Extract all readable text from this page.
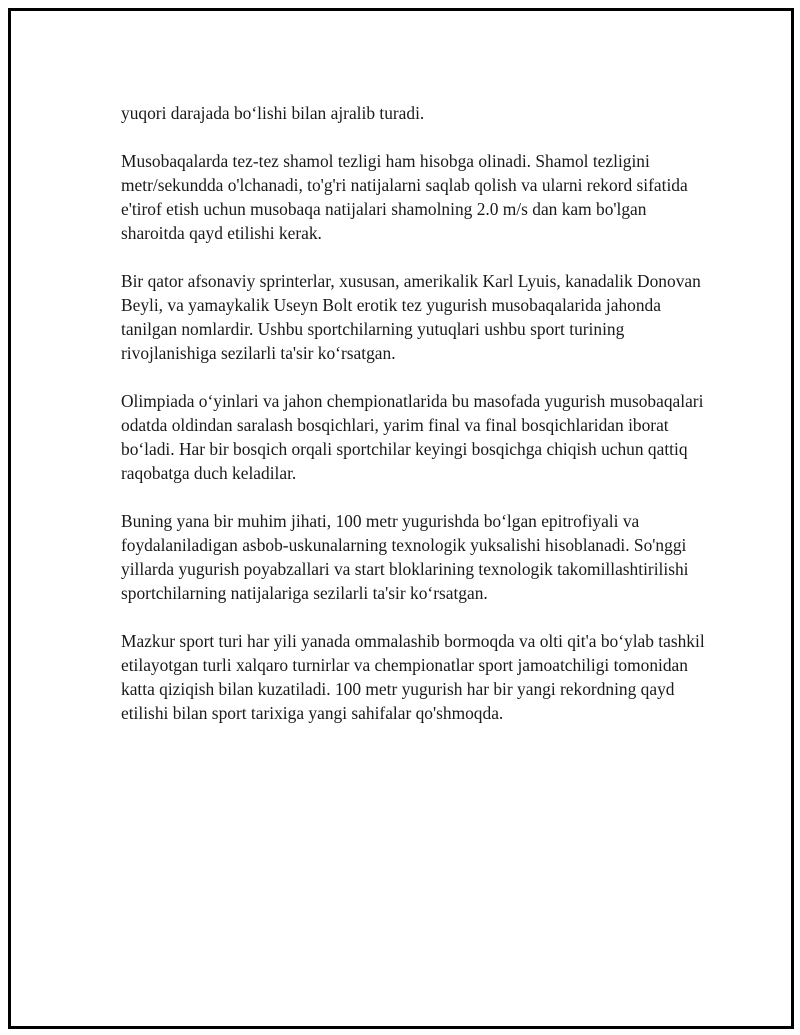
yuqori darajada bo‘lishi bilan ajralib turadi.

Musobaqalarda tez-tez shamol tezligi ham hisobga olinadi. Shamol tezligini metr/sekundda o'lchanadi, to'g'ri natijalarni saqlab qolish va ularni rekord sifatida e'tirof etish uchun musobaqa natijalari shamolning 2.0 m/s dan kam bo'lgan sharoitda qayd etilishi kerak.

Bir qator afsonaviy sprinterlar, xususan, amerikalik Karl Lyuis, kanadalik Donovan Beyli, va yamaykalik Useyn Bolt erotik tez yugurish musobaqalarida jahonda tanilgan nomlardir. Ushbu sportchilarning yutuqlari ushbu sport turining rivojlanishiga sezilarli ta'sir ko‘rsatgan.

Olimpiada o‘yinlari va jahon chempionatlarida bu masofada yugurish musobaqalari odatda oldindan saralash bosqichlari, yarim final va final bosqichlaridan iborat bo‘ladi. Har bir bosqich orqali sportchilar keyingi bosqichga chiqish uchun qattiq raqobatga duch keladilar.

Buning yana bir muhim jihati, 100 metr yugurishda bo‘lgan epitrofiyali va foydalaniladigan asbob-uskunalarning texnologik yuksalishi hisoblanadi. So'nggi yillarda yugurish poyabzallari va start bloklarining texnologik takomillashtirilishi sportchilarning natijalariga sezilarli ta'sir ko‘rsatgan.

Mazkur sport turi har yili yanada ommalashib bormoqda va olti qit'a bo‘ylab tashkil etilayotgan turli xalqaro turnirlar va chempionatlar sport jamoatchiligi tomonidan katta qiziqish bilan kuzatiladi. 100 metr yugurish har bir yangi rekordning qayd etilishi bilan sport tarixiga yangi sahifalar qo'shmoqda.
